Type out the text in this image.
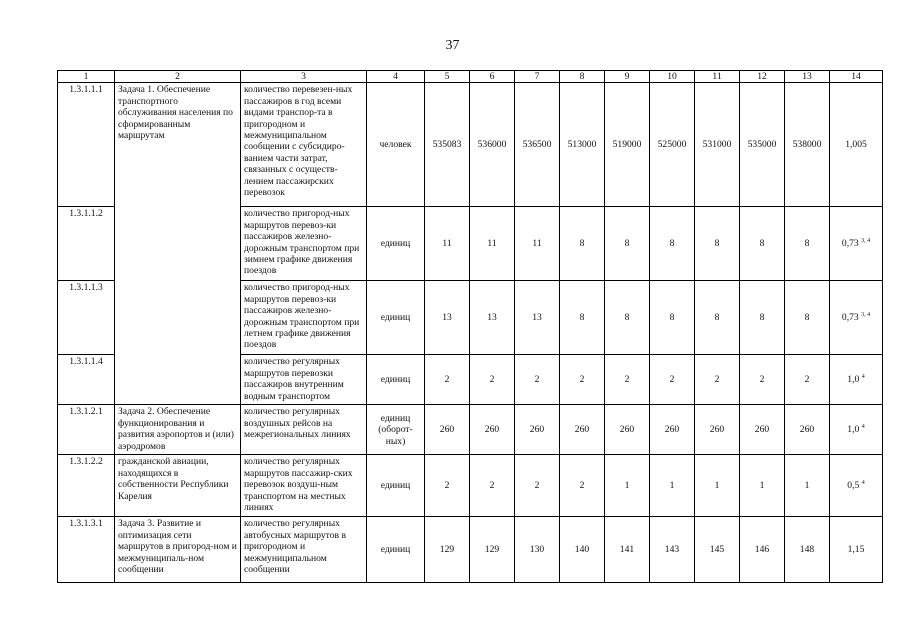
37
1	2	3	4	5	6	7	8	9	10	11	12	13	14
1.3.1.1.1	Задача 1. Обеспечение транспортного обслуживания населения по сформированным маршрутам	количество перевезен-ных пассажиров в год всеми видами транспор-та в пригородном и межмуниципальном сообщении с субсидиро-ванием части затрат, связанных с осуществ-лением пассажирских перевозок	человек	535083	536000	536500	513000	519000	525000	531000	535000	538000	1,005
1.3.1.1.2		количество пригород-ных маршрутов перевоз-ки пассажиров железно-дорожным транспортом при зимнем графике движения поездов	единиц	11	11	11	8	8	8	8	8	8	0,73 $^{3, 4}$
1.3.1.1.3		количество пригород-ных маршрутов перевоз-ки пассажиров железно-дорожным транспортом при летнем графике движения поездов	единиц	13	13	13	8	8	8	8	8	8	0,73 $^{3, 4}$
1.3.1.1.4		количество регулярных маршрутов перевозки пассажиров внутренним водным транспортом	единиц	2	2	2	2	2	2	2	2	2	1,0 $^4$
1.3.1.2.1	Задача 2. Обеспечение функционирования и развития аэропортов и (или) аэродромов	количество регулярных воздушных рейсов на межрегиональных линиях	единиц (оборот-ных)	260	260	260	260	260	260	260	260	260	1,0 $^4$
1.3.1.2.2	гражданской авиации, находящихся в собственности Республики Карелия	количество регулярных маршрутов пассажир-ских перевозок воздуш-ным транспортом на местных линиях	единиц	2	2	2	2	1	1	1	1	1	0,5 $^4$
1.3.1.3.1	Задача 3. Развитие и оптимизация сети маршрутов в пригород-ном и межмуниципаль-ном сообщении	количество регулярных автобусных маршрутов в пригородном и межмуниципальном сообщении	единиц	129	129	130	140	141	143	145	146	148	1,15
